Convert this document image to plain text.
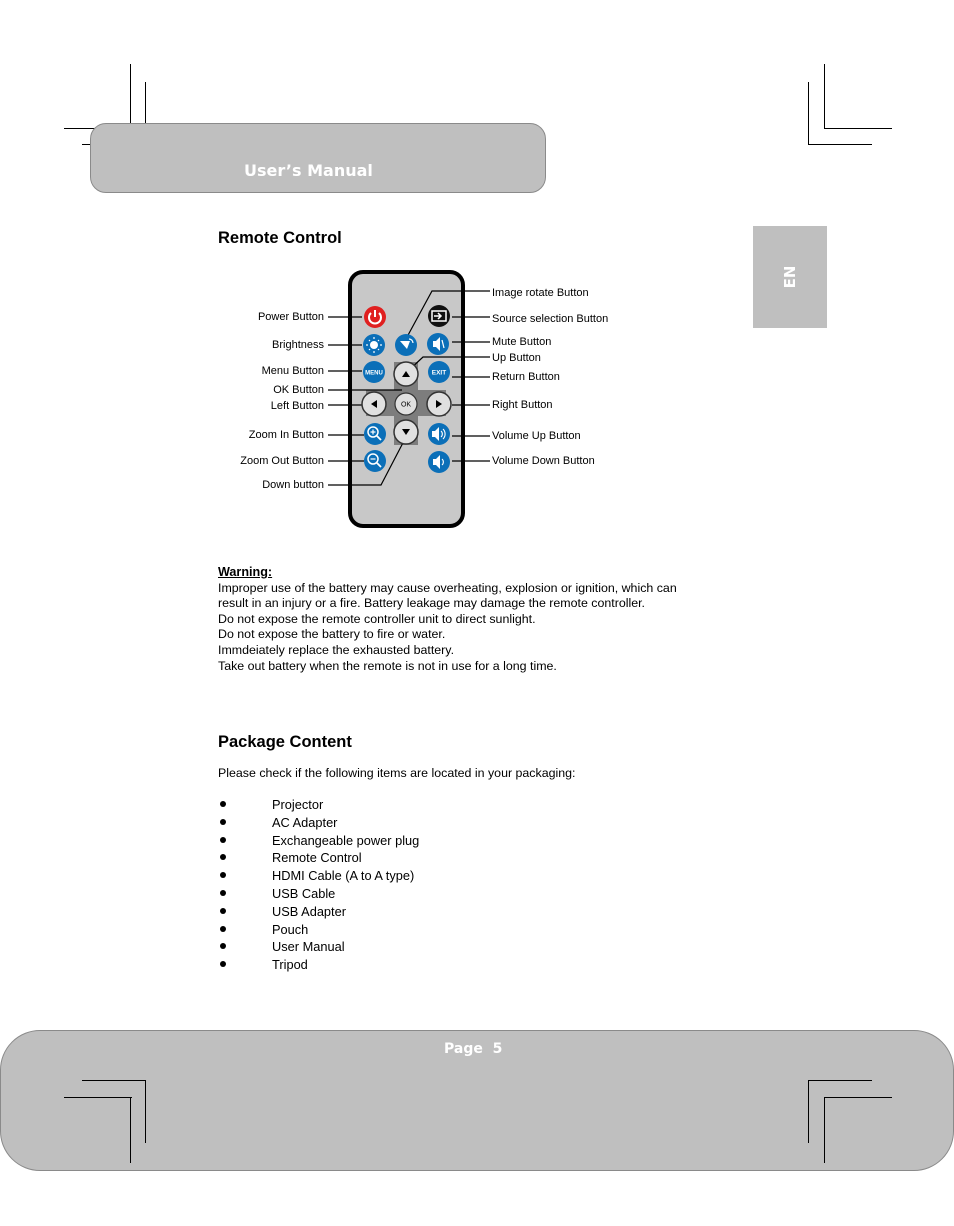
User’s Manual
EN
Remote Control
MENU	EXIT
OK
Power Button
Brightness
Menu Button
OK Button
Left Button
Zoom In Button
Zoom Out Button
Down button
Image rotate Button
Source selection Button
Mute Button
Up Button
Return Button
Right Button
Volume Up Button
Volume Down Button
Warning:
Improper use of the battery may cause overheating, explosion or ignition, which can
result in an injury or a fire. Battery leakage may damage the remote controller.
Do not expose the remote controller unit to direct sunlight.
Do not expose the battery to fire or water.
Immdeiately replace the exhausted battery.
Take out battery when the remote is not in use for a long time.
Package Content
Please check if the following items are located in your packaging:
Projector
AC Adapter
Exchangeable power plug
Remote Control
HDMI Cable (A to A type)
USB Cable
USB Adapter
Pouch
User Manual
Tripod
Page  5
